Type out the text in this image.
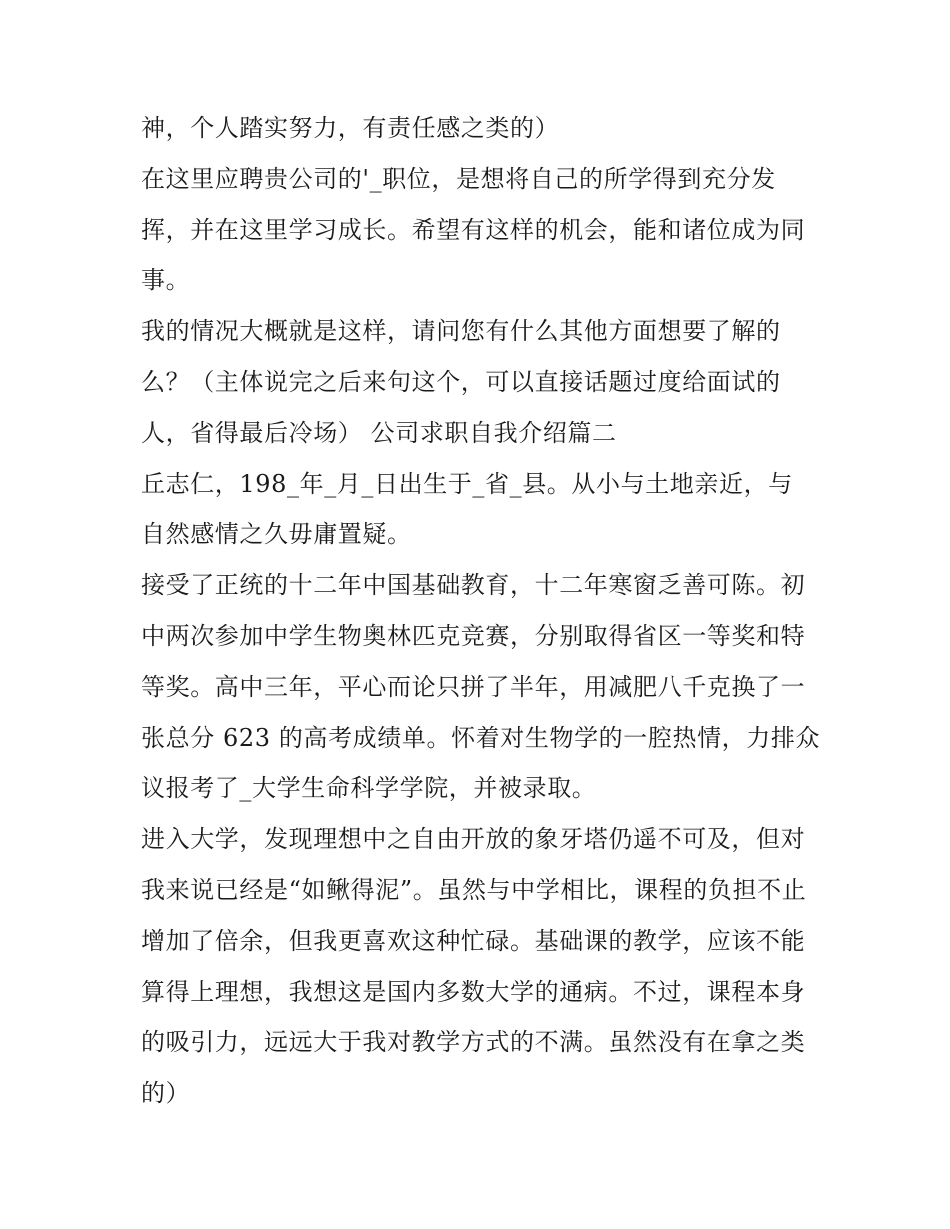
神，个人踏实努力，有责任感之类的）
在这里应聘贵公司的'_职位，是想将自己的所学得到充分发
挥，并在这里学习成长。希望有这样的机会，能和诸位成为同
事。
我的情况大概就是这样，请问您有什么其他方面想要了解的
么？（主体说完之后来句这个，可以直接话题过度给面试的
人，省得最后冷场） 公司求职自我介绍篇二
丘志仁，198_年_月_日出生于_省_县。从小与土地亲近，与
自然感情之久毋庸置疑。
接受了正统的十二年中国基础教育，十二年寒窗乏善可陈。初
中两次参加中学生物奥林匹克竞赛，分别取得省区一等奖和特
等奖。高中三年，平心而论只拼了半年，用减肥八千克换了一
张总分 623 的高考成绩单。怀着对生物学的一腔热情，力排众
议报考了_大学生命科学学院，并被录取。
进入大学，发现理想中之自由开放的象牙塔仍遥不可及，但对
我来说已经是“如鳅得泥”。虽然与中学相比，课程的负担不止
增加了倍余，但我更喜欢这种忙碌。基础课的教学，应该不能
算得上理想，我想这是国内多数大学的通病。不过，课程本身
的吸引力，远远大于我对教学方式的不满。虽然没有在拿之类
的）
